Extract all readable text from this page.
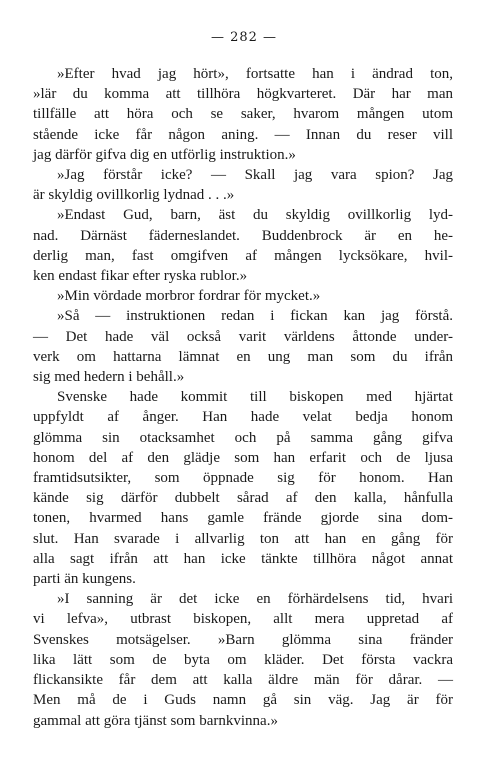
— 282 —
»Efter hvad jag hört», fortsatte han i ändrad ton,
»lär du komma att tillhöra högkvarteret. Där har man
tillfälle att höra och se saker, hvarom mången utom
stående icke får någon aning. — Innan du reser vill
jag därför gifva dig en utförlig instruktion.»
»Jag förstår icke? — Skall jag vara spion? Jag
är skyldig ovillkorlig lydnad . . .»
»Endast Gud, barn, äst du skyldig ovillkorlig lyd-
nad. Därnäst fäderneslandet. Buddenbrock är en he-
derlig man, fast omgifven af mången lycksökare, hvil-
ken endast fikar efter ryska rublor.»
»Min vördade morbror fordrar för mycket.»
»Så — instruktionen redan i fickan kan jag förstå.
— Det hade väl också varit världens åttonde under-
verk om hattarna lämnat en ung man som du ifrån
sig med hedern i behåll.»
Svenske hade kommit till biskopen med hjärtat
uppfyldt af ånger. Han hade velat bedja honom
glömma sin otacksamhet och på samma gång gifva
honom del af den glädje som han erfarit och de ljusa
framtidsutsikter, som öppnade sig för honom. Han
kände sig därför dubbelt sårad af den kalla, hånfulla
tonen, hvarmed hans gamle frände gjorde sina dom-
slut. Han svarade i allvarlig ton att han en gång för
alla sagt ifrån att han icke tänkte tillhöra något annat
parti än kungens.
»I sanning är det icke en förhärdelsens tid, hvari
vi lefva», utbrast biskopen, allt mera uppretad af
Svenskes motsägelser. »Barn glömma sina fränder
lika lätt som de byta om kläder. Det första vackra
flickansikte får dem att kalla äldre män för dårar. —
Men må de i Guds namn gå sin väg. Jag är för
gammal att göra tjänst som barnkvinna.»
